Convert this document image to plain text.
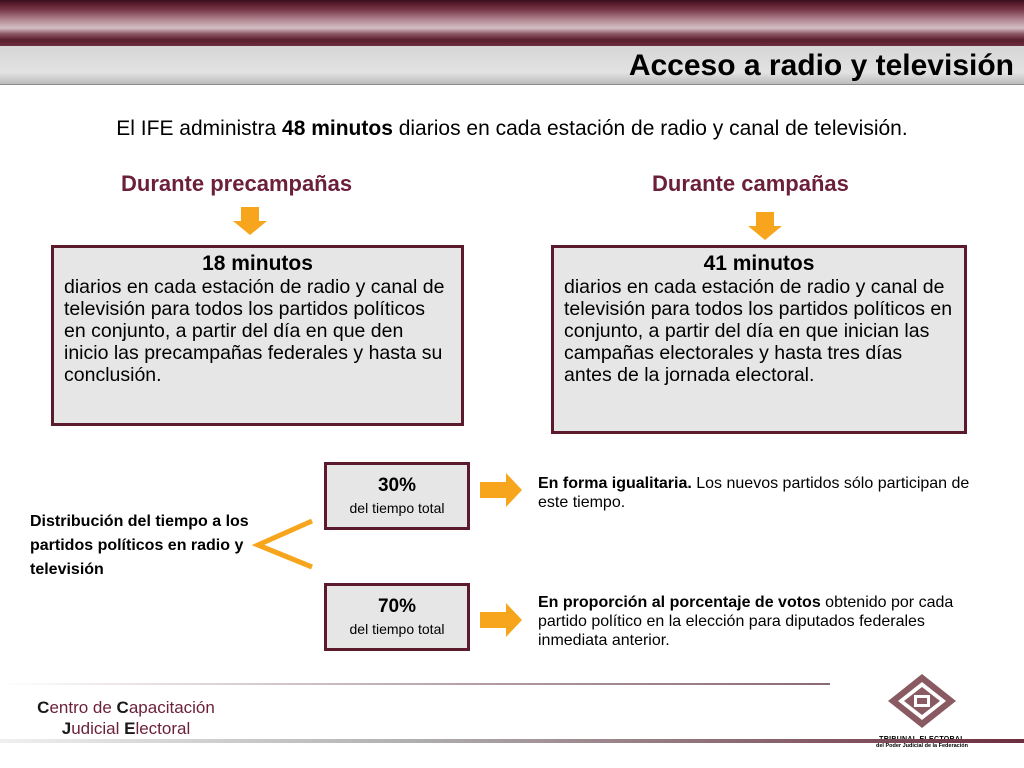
Acceso a radio y televisión
El IFE administra 48 minutos diarios en cada estación de radio y canal de televisión.
Durante precampañas
18 minutos
diarios en cada estación de radio y canal de televisión para todos los partidos políticos en conjunto, a partir del día en que den inicio las precampañas federales y hasta su conclusión.
Durante campañas
41 minutos
diarios en cada estación de radio y canal de televisión para todos los partidos políticos en conjunto, a partir del día en que inician las campañas electorales y hasta tres días antes de la jornada electoral.
Distribución del tiempo a los partidos políticos en radio y televisión
30%
del tiempo total
En forma igualitaria. Los nuevos partidos sólo participan de este tiempo.
70%
del tiempo total
En proporción al porcentaje de votos obtenido por cada partido político en la elección para diputados federales inmediata anterior.
Centro de Capacitación
Judicial Electoral
del Poder Judicial de la Federación
